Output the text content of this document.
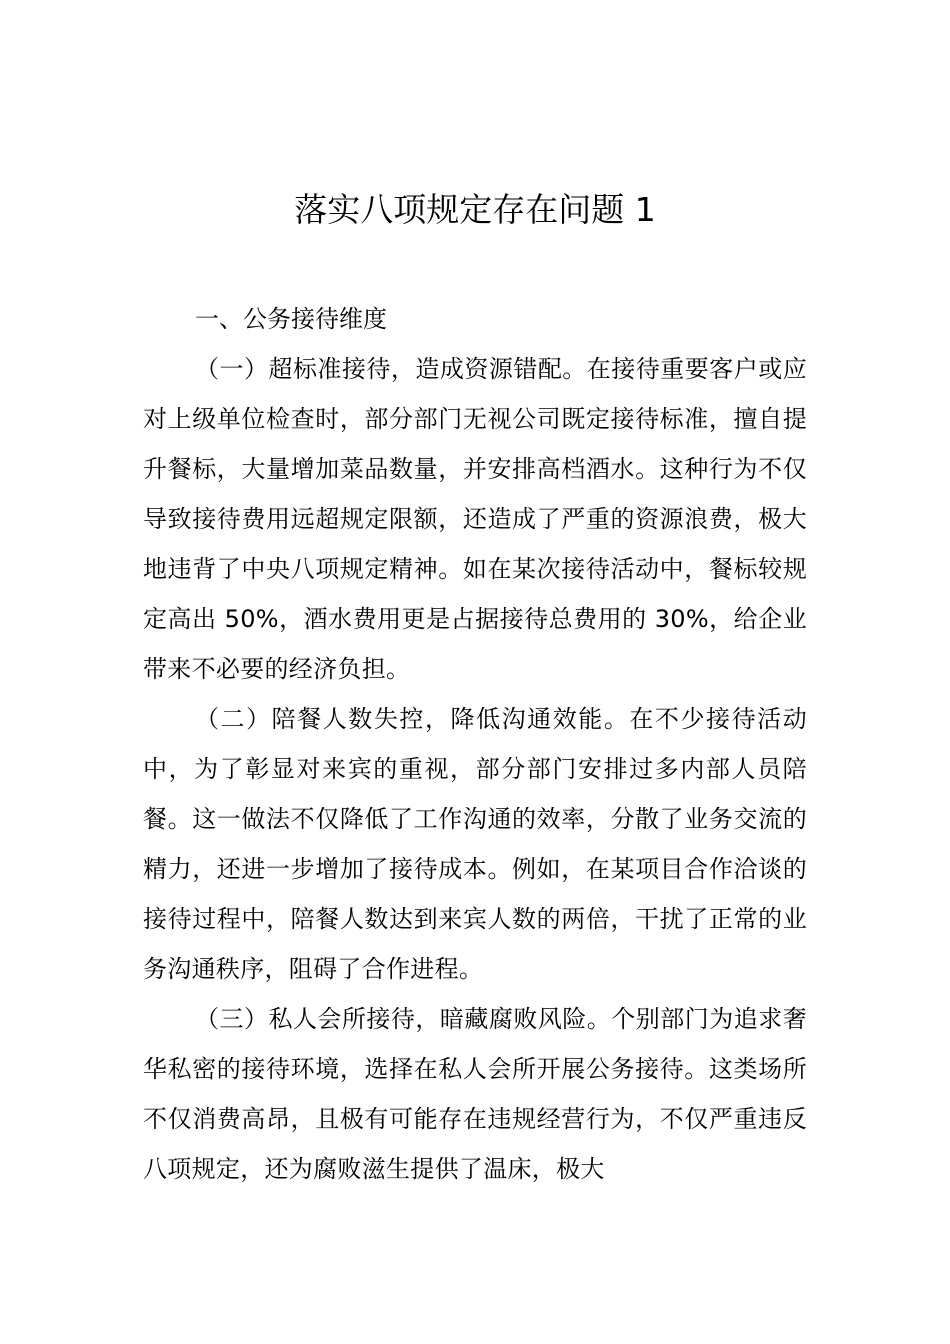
落实八项规定存在问题 1

一、公务接待维度

（一）超标准接待，造成资源错配。在接待重要客户或应对上级单位检查时，部分部门无视公司既定接待标准，擅自提升餐标，大量增加菜品数量，并安排高档酒水。这种行为不仅导致接待费用远超规定限额，还造成了严重的资源浪费，极大地违背了中央八项规定精神。如在某次接待活动中，餐标较规定高出 50%，酒水费用更是占据接待总费用的 30%，给企业带来不必要的经济负担。

（二）陪餐人数失控，降低沟通效能。在不少接待活动中，为了彰显对来宾的重视，部分部门安排过多内部人员陪餐。这一做法不仅降低了工作沟通的效率，分散了业务交流的精力，还进一步增加了接待成本。例如，在某项目合作洽谈的接待过程中，陪餐人数达到来宾人数的两倍，干扰了正常的业务沟通秩序，阻碍了合作进程。

（三）私人会所接待，暗藏腐败风险。个别部门为追求奢华私密的接待环境，选择在私人会所开展公务接待。这类场所不仅消费高昂，且极有可能存在违规经营行为，不仅严重违反八项规定，还为腐败滋生提供了温床，极大
